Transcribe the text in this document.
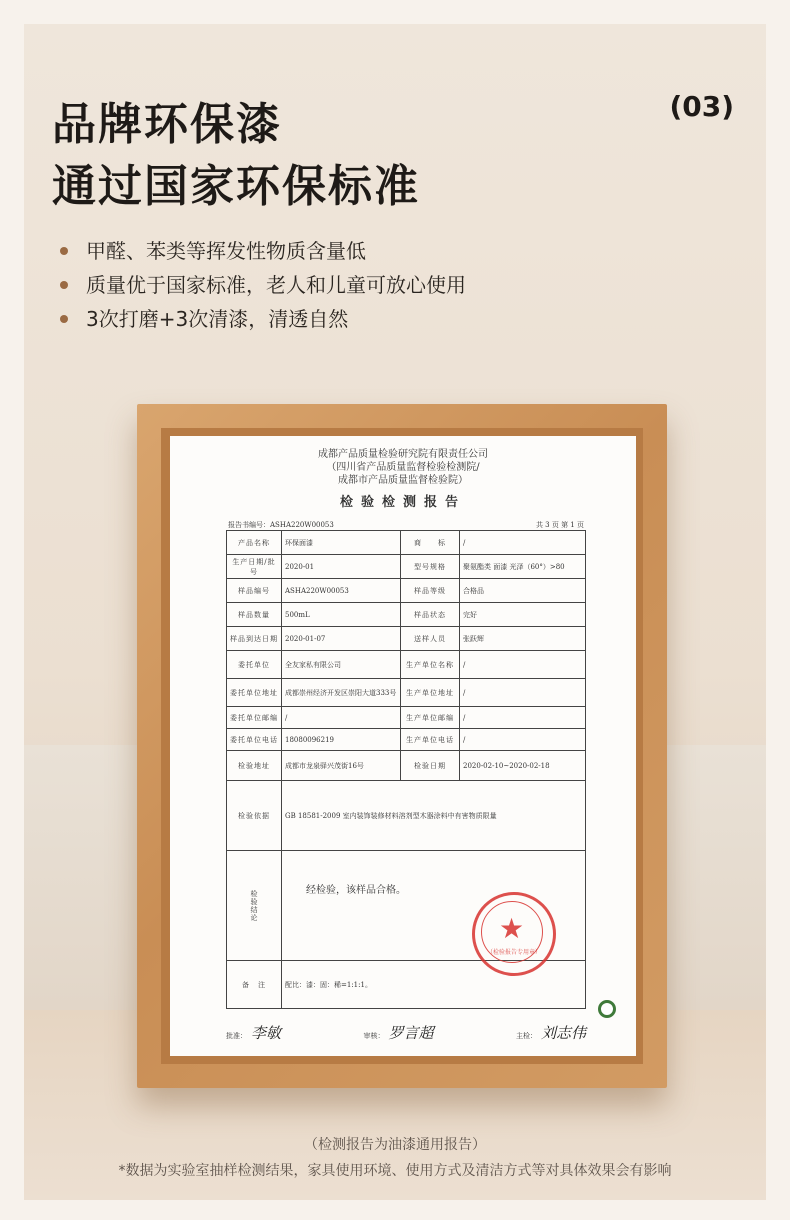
品牌环保漆
通过国家环保标准
(03)
甲醛、苯类等挥发性物质含量低
质量优于国家标准，老人和儿童可放心使用
3次打磨+3次清漆，清透自然
成都产品质量检验研究院有限责任公司
（四川省产品质量监督检验检测院/
成都市产品质量监督检验院）
检验检测报告
报告书编号：ASHA220W00053	共 3 页 第 1 页
产品名称	环保面漆	商　　标	/
生产日期/批号	2020-01	型号规格	聚氨酯类 面漆 光泽（60°）>80
样品编号	ASHA220W00053	样品等级	合格品
样品数量	500mL	样品状态	完好
样品到达日期	2020-01-07	送样人员	张跃辉
委托单位	全友家私有限公司	生产单位名称	/
委托单位地址	成都崇州经济开发区崇阳大道333号	生产单位地址	/
委托单位邮编	/	生产单位邮编	/
委托单位电话	18080096219	生产单位电话	/
检验地址	成都市龙泉驿兴茂街16号	检验日期	2020-02-10~2020-02-18
检验依据	GB 18581-2009 室内装饰装修材料溶剂型木器涂料中有害物质限量		
检验结论	经检验，该样品合格。		
备　注	配比：漆：固：稀=1:1:1。		
★
（检验报告专用章）
批准： 李敏	审核： 罗言超	主检： 刘志伟
（检测报告为油漆通用报告）
*数据为实验室抽样检测结果，家具使用环境、使用方式及清洁方式等对具体效果会有影响
